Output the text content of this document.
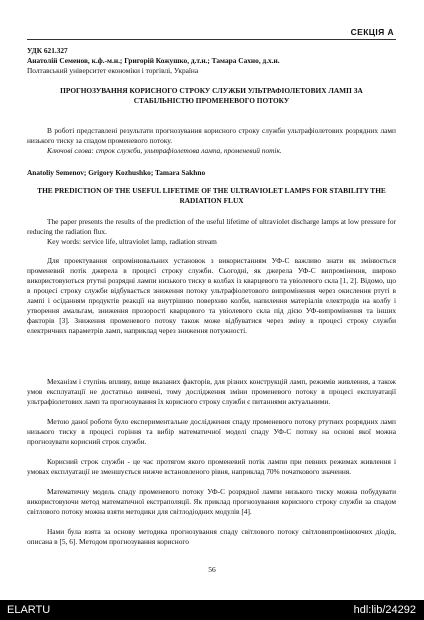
СЕКЦІЯ А

УДК 621.327

Анатолій Семенов, к.ф.-м.н.; Григорій Кожушко, д.т.н.; Тамара Сахно, д.х.н.

Полтавський університет економіки і торгівлі, Україна

ПРОГНОЗУВАННЯ КОРИСНОГО СТРОКУ СЛУЖБИ УЛЬТРАФІОЛЕТОВИХ ЛАМП ЗА СТАБІЛЬНІСТЮ ПРОМЕНЕВОГО ПОТОКУ

В роботі представлені результати прогнозування корисного строку служби ультрафіолетових розрядних ламп низького тиску за спадом променевого потоку.

Ключові слова: строк служби, ультрафіолетова лампа, променевий потік.

Anatoliy Semenov; Grigory Kozhushko; Tamara Sakhno

THE PREDICTION OF THE USEFUL LIFETIME OF THE ULTRAVIOLET LAMPS FOR STABILITY THE RADIATION FLUX

The paper presents the results of the prediction of the useful lifetime of ultraviolet discharge lamps at low pressure for reducing the radiation flux.

Key words: service life, ultraviolet lamp, radiation stream

Для проектування опромінювальних установок з використанням УФ-С важливо знати як змінюється променевий потік джерела в процесі строку служби. Сьогодні, як джерела УФ-С випромінення, широко використовуються ртутні розрядні лампи низького тиску в колбах із кварцевого та увіолевого скла [1, 2]. Відомо, що в процесі строку служби відбувається зниження потоку ультрафіолетового випромінення через окислення ртуті в лампі і осіданням продуктів реакції на внутрішню поверхню колби, напилення матеріалів електродів на колбу і утворення амальгам, зниження прозорості кварцового та увіолевого скла під дією УФ-випромінення та інших факторів [3]. Зниження променевого потоку також може відбуватися через зміну в процесі строку служби електричних параметрів ламп, наприклад через зниження потужності.

Механізм і ступінь впливу, вище вказаних факторів, для різних конструкцій ламп, режимів живлення, а також умов експлуатації не достатньо вивчені, тому дослідження зміни променевого потоку в процесі експлуатації ультрафіолетових ламп та прогнозування їх корисного строку служби є питаннями актуальними.

Метою даної роботи було експериментальне дослідження спаду променевого потоку ртутних розрядних ламп низького тиску в процесі горіння та вибір математичної моделі спаду УФ-С потоку на основі якої можна прогнозувати корисний строк служби.

Корисний строк служби - це час протягом якого променевий потік лампи при певних режимах живлення і умовах експлуатації не зменшується нижче встановленого рівня, наприклад 70% початкового значення.

Математичну модель спаду променевого потоку УФ-С розрядної лампи низького тиску можна побудувати використовуючи метод математичної екстраполяції. Як приклад прогнозування корисного строку служби за спадом світлового потоку можна взяти методики для світлодіодних модулів [4].

Нами була взята за основу методика прогнозування спаду світлового потоку світловипромінюючих діодів, описана в [5, 6]. Методом прогнозування корисного

56

ELARTU	hdl:lib/24292
